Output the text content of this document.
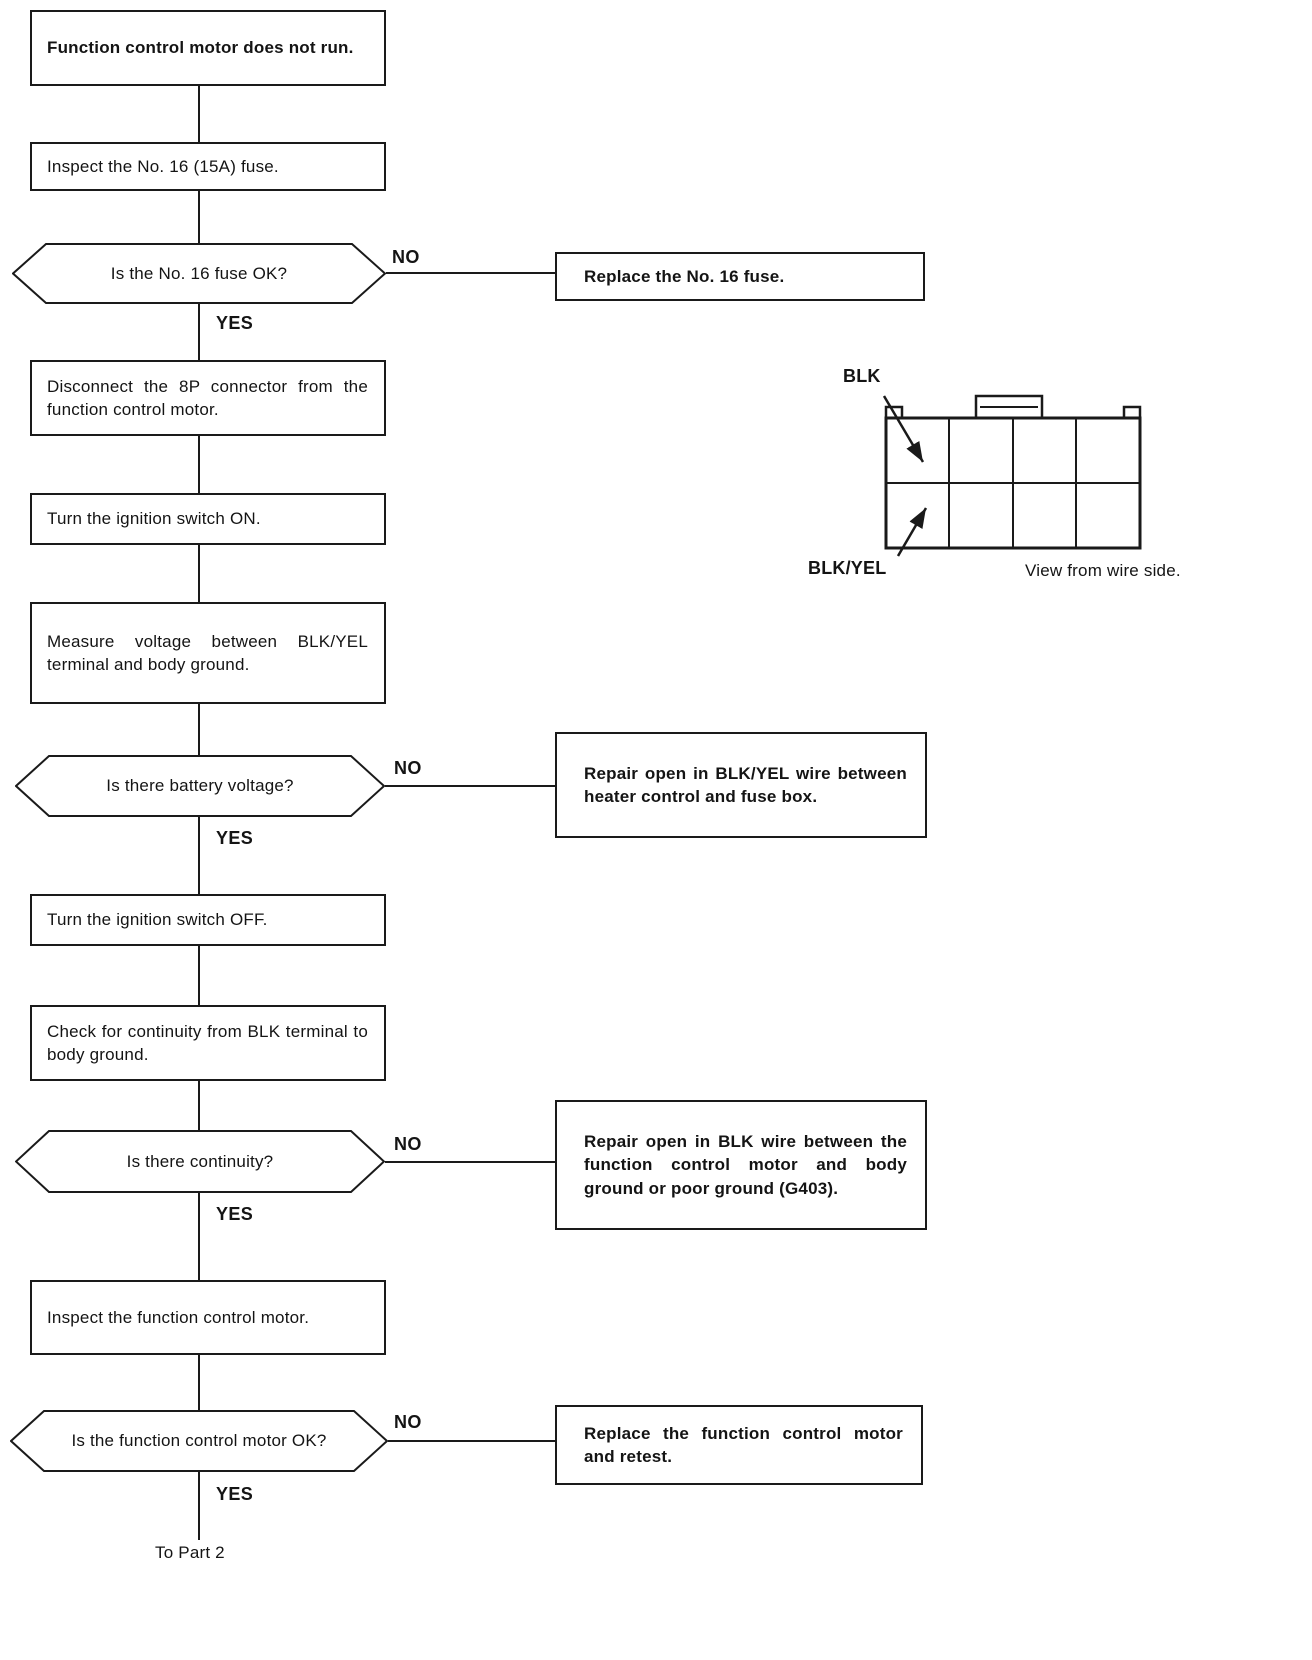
Function control motor does not run.
Inspect the No. 16 (15A) fuse.
Is the No. 16 fuse OK?
NO
Replace the No. 16 fuse.
YES
Disconnect the 8P connector from the function control motor.
Turn the ignition switch ON.
Measure voltage between BLK/YEL terminal and body ground.
Is there battery voltage?
NO	Repair open in BLK/YEL wire between heater control and fuse box.
YES
Turn the ignition switch OFF.
Check for continuity from BLK terminal to body ground.
Is there continuity?
NO	Repair open in BLK wire between the function control motor and body ground or poor ground (G403).
YES
Inspect the function control motor.
Is the function control motor OK?
NO
Replace the function control motor and retest.
YES
To Part 2
BLK
BLK/YEL	View from wire side.
